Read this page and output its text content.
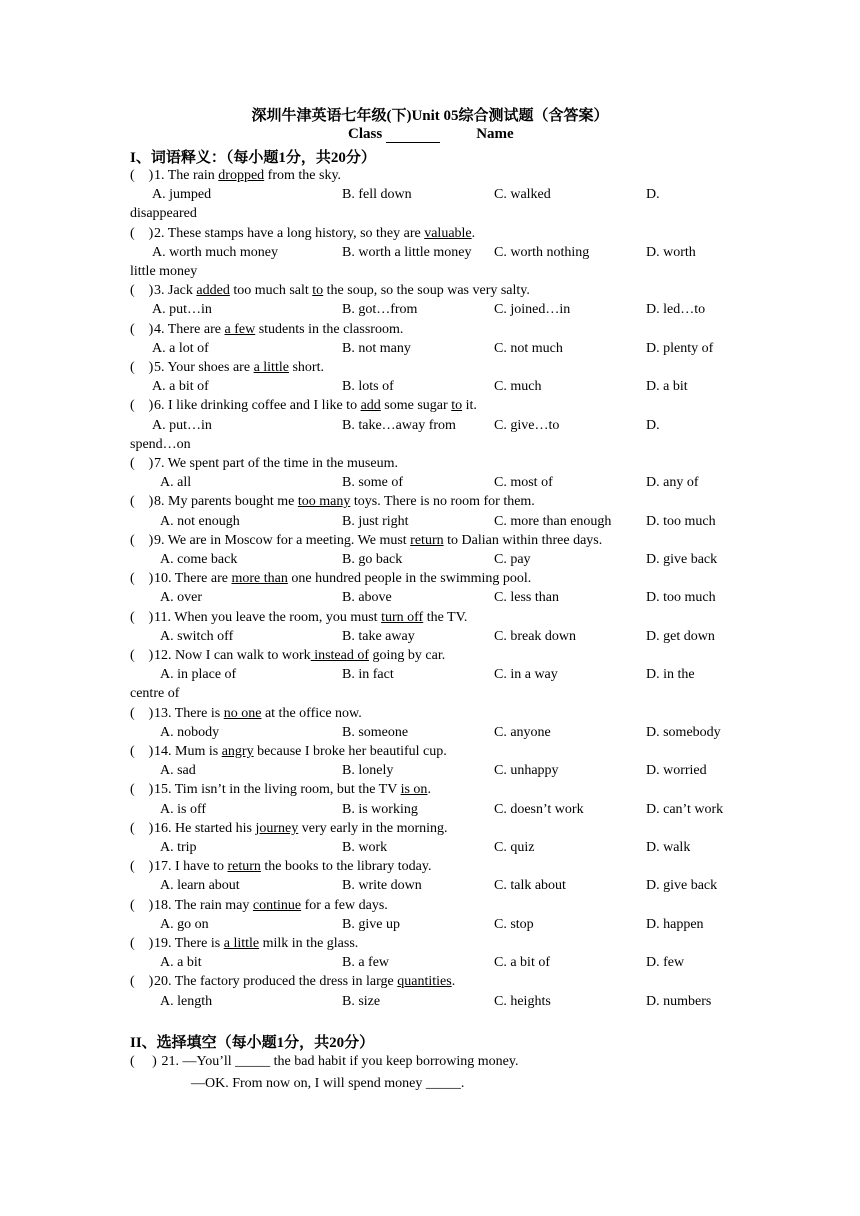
深圳牛津英语七年级(下)Unit 05综合测试题（含答案）
Class	Name
I、词语释义：（每小题1分，共20分）
(    )1. The rain dropped from the sky.
A. jumped	B. fell down	C. walked	D.
disappeared
(    )2. These stamps have a long history, so they are valuable.
A. worth much money	B. worth a little money C. worth nothing	D. worth
little money
(    )3. Jack added too much salt to the soup, so the soup was very salty.
A. put…in	B. got…from	C. joined…in	D. led…to
(    )4. There are a few students in the classroom.
A. a lot of	B. not many	C. not much	D. plenty of
(    )5. Your shoes are a little short.
A. a bit of	B. lots of	C. much	D. a bit
(    )6. I like drinking coffee and I like to add some sugar to it.
A. put…in	B. take…away from	C. give…to	D.
spend…on
(    )7. We spent part of the time in the museum.
A. all	B. some of	C. most of	D. any of
(    )8. My parents bought me too many toys. There is no room for them.
A. not enough	B. just right	C. more than enough D. too much
(    )9. We are in Moscow for a meeting. We must return to Dalian within three days.
A. come back	B. go back	C. pay	D. give back
(    )10. There are more than one hundred people in the swimming pool.
A. over	B. above	C. less than	D. too much
(    )11. When you leave the room, you must turn off the TV.
A. switch off	B. take away	C. break down	D. get down
(    )12. Now I can walk to work instead of going by car.
A. in place of	B. in fact	C. in a way	D. in the
centre of
(    )13. There is no one at the office now.
A. nobody	B. someone	C. anyone	D. somebody
(    )14. Mum is angry because I broke her beautiful cup.
A. sad	B. lonely	C. unhappy	D. worried
(    )15. Tim isn’t in the living room, but the TV is on.
A. is off	B. is working	C. doesn’t work	D. can’t work
(    )16. He started his journey very early in the morning.
A. trip	B. work	C. quiz	D. walk
(    )17. I have to return the books to the library today.
A. learn about	B. write down	C. talk about	D. give back
(    )18. The rain may continue for a few days.
A. go on	B. give up	C. stop	D. happen
(    )19. There is a little milk in the glass.
A. a bit	B. a few	C. a bit of	D. few
(    )20. The factory produced the dress in large quantities.
A. length	B. size	C. heights	D. numbers
II、选择填空（每小题1分，共20分）
( ) 21. —You’ll _____ the bad habit if you keep borrowing money.
—OK. From now on, I will spend money _____.
